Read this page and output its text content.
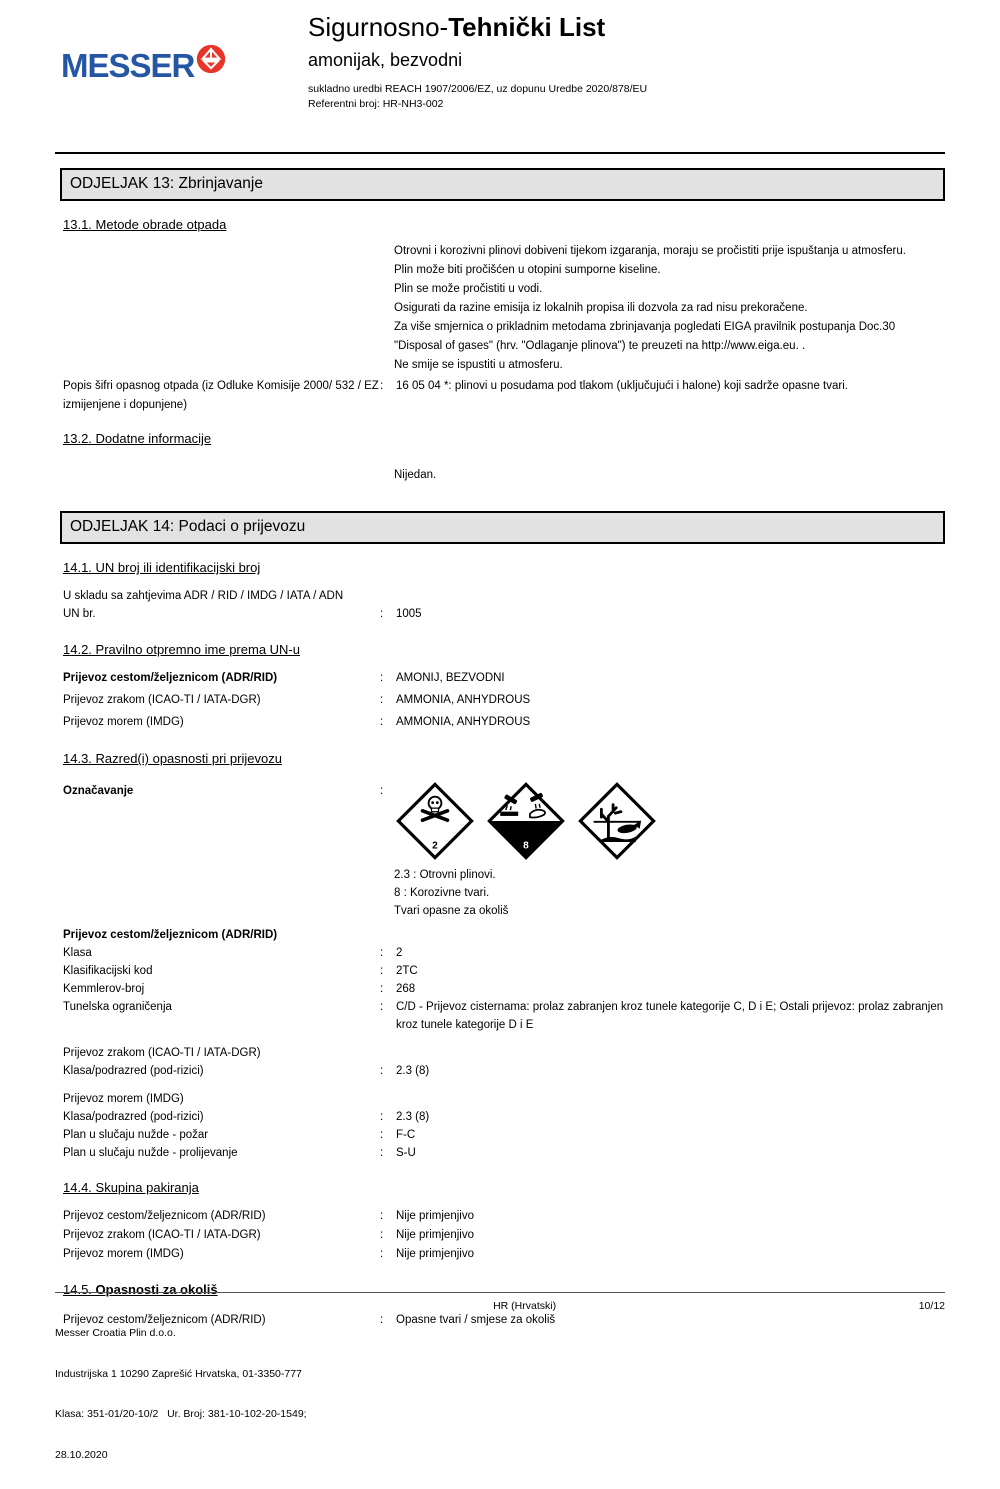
MESSER
Sigurnosno-Tehnički List
amonijak, bezvodni
sukladno uredbi REACH 1907/2006/EZ, uz dopunu Uredbe 2020/878/EU
Referentni broj: HR-NH3-002
ODJELJAK 13: Zbrinjavanje
13.1. Metode obrade otpada
Otrovni i korozivni plinovi dobiveni tijekom izgaranja, moraju se pročistiti prije ispuštanja u atmosferu.
Plin može biti pročišćen u otopini sumporne kiseline.
Plin se može pročistiti u vodi.
Osigurati da razine emisija iz lokalnih propisa ili dozvola za rad nisu prekoračene.
Za više smjernica o prikladnim metodama zbrinjavanja pogledati EIGA pravilnik postupanja Doc.30 "Disposal of gases" (hrv. "Odlaganje plinova") te preuzeti na http://www.eiga.eu. .
Ne smije se ispustiti u atmosferu.
Popis šifri opasnog otpada (iz Odluke Komisije 2000/ 532 / EZ izmijenjene i dopunjene)
:
16 05 04 *: plinovi u posudama pod tlakom (uključujući i halone) koji sadrže opasne tvari.
13.2. Dodatne informacije
Nijedan.
ODJELJAK 14: Podaci o prijevozu
14.1. UN broj ili identifikacijski broj
U skladu sa zahtjevima ADR / RID / IMDG / IATA / ADN
UN br. :	1005
14.2. Pravilno otpremno ime prema UN-u
Prijevoz cestom/željeznicom (ADR/RID) :	AMONIJ, BEZVODNI
Prijevoz zrakom (ICAO-TI / IATA-DGR) :	AMMONIA, ANHYDROUS
Prijevoz morem (IMDG) :	AMMONIA, ANHYDROUS
14.3. Razred(i) opasnosti pri prijevozu
Označavanje
:
2	8
2.3 : Otrovni plinovi.
8 : Korozivne tvari.
Tvari opasne za okoliš
Prijevoz cestom/željeznicom (ADR/RID)
Klasa :	2
Klasifikacijski kod :	2TC
Kemmlerov-broj :	268
Tunelska ograničenja :	C/D - Prijevoz cisternama: prolaz zabranjen kroz tunele kategorije C, D i E; Ostali prijevoz: prolaz zabranjen kroz tunele kategorije D i E
Prijevoz zrakom (ICAO-TI / IATA-DGR)
Klasa/podrazred (pod-rizici) :	2.3 (8)
Prijevoz morem (IMDG)
Klasa/podrazred (pod-rizici) :	2.3 (8)
Plan u slučaju nužde - požar :	F-C
Plan u slučaju nužde - prolijevanje :	S-U
14.4. Skupina pakiranja
Prijevoz cestom/željeznicom (ADR/RID) :	Nije primjenjivo
Prijevoz zrakom (ICAO-TI / IATA-DGR) :	Nije primjenjivo
Prijevoz morem (IMDG) :	Nije primjenjivo
14.5. Opasnosti za okoliš
Prijevoz cestom/željeznicom (ADR/RID) :	Opasne tvari / smjese za okoliš

Messer Croatia Plin d.o.o.

Industrijska 1 10290 Zaprešić Hrvatska, 01-3350-777

Klasa: 351-01/20-10/2   Ur. Broj: 381-10-102-20-1549;

28.10.2020

HR (Hrvatski)	10/12
